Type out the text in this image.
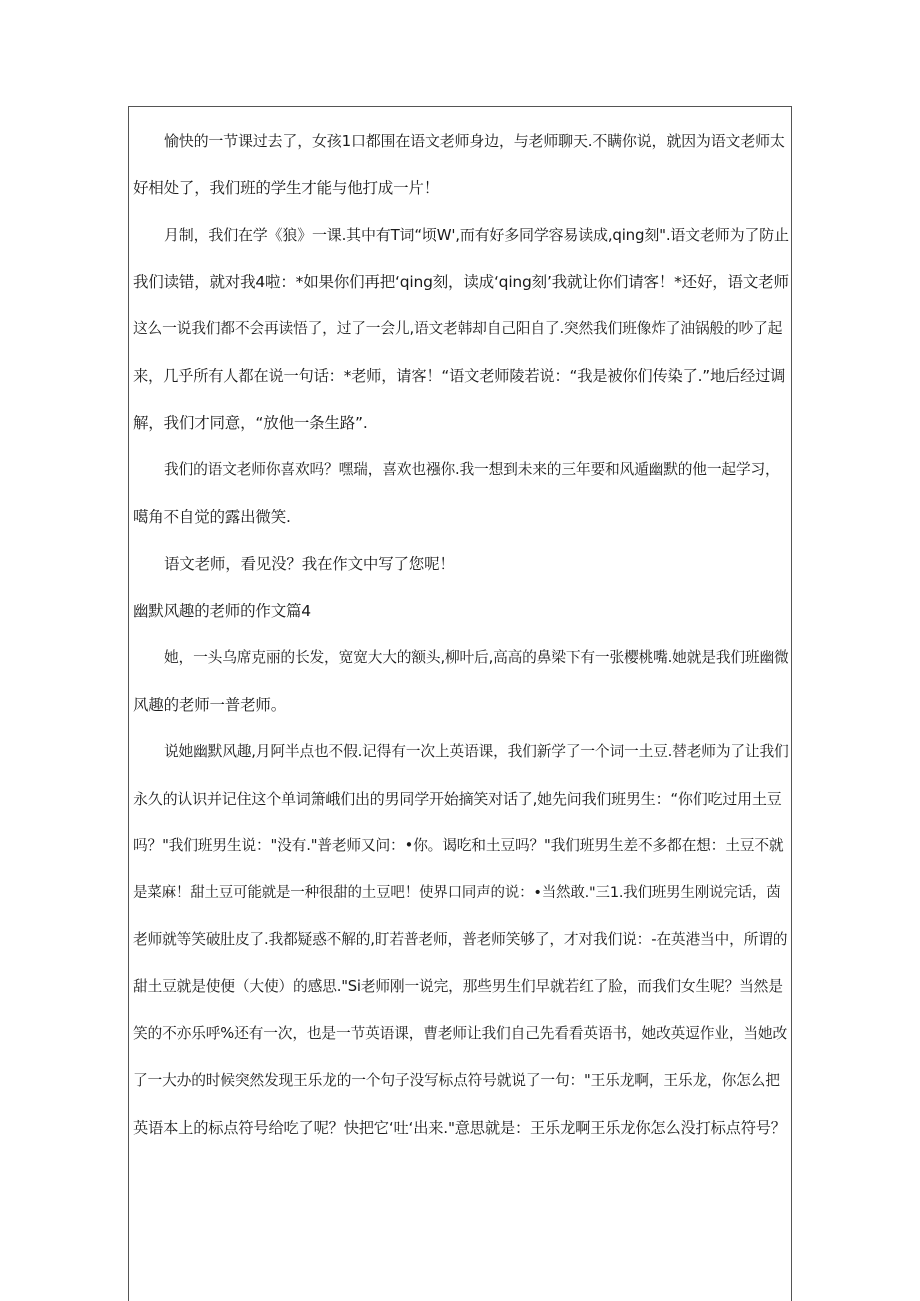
愉快的一节课过去了，女孩1口都围在语文老师身边，与老师聊天.不瞒你说，就因为语文老师太
好相处了，我们班的学生才能与他打成一片！
月制，我们在学《狼》一课.其中有T词“顷W',而有好多同学容易读成,qing刻".语文老师为了防止
我们读错，就对我4啦：*如果你们再把‘qing刻，读成‘qing刻’我就让你们请客！*还好，语文老师
这么一说我们都不会再读悟了，过了一会儿,语文老韩却自己阳自了.突然我们班像炸了油锅般的吵了起
来，几乎所有人都在说一句话：*老师，请客！“语文老师陵若说：“我是被你们传染了.”地后经过调
解，我们才同意，“放他一条生路”.
我们的语文老师你喜欢吗？嘿瑞，喜欢也襁你.我一想到未来的三年要和风遁幽默的他一起学习，
噶角不自觉的露出微笑.
语文老师，看见没？我在作文中写了您呢！
幽默风趣的老师的作文篇4
她，一头乌席克丽的长发，宽宽大大的额头,柳叶后,高高的鼻梁下有一张樱桃嘴.她就是我们班幽微
风趣的老师一普老师。
说她幽默风趣,月阿半点也不假.记得有一次上英语课，我们新学了一个词一土豆.替老师为了让我们
永久的认识并记住这个单词箫峨们出的男同学开始摘笑对话了,她先问我们班男生：“你们吃过用土豆
吗？"我们班男生说："没有."普老师又问：•你。谒吃和土豆吗？"我们班男生差不多都在想：土豆不就
是菜麻！甜土豆可能就是一种很甜的土豆吧！使界口同声的说：•当然敢."三1.我们班男生刚说完话，茵
老师就等笑破肚皮了.我都疑惑不解的,盯若普老师，普老师笑够了，才对我们说：-在英港当中，所谓的
甜土豆就是使便（大使）的感思."Si老师刚一说完，那些男生们早就若红了脸，而我们女生呢？当然是
笑的不亦乐呼%还有一次，也是一节英语课，曹老师让我们自己先看看英语书，她改英逗作业，当她改
了一大办的时候突然发现王乐龙的一个句子没写标点符号就说了一句："王乐龙啊，王乐龙，你怎么把
英语本上的标点符号给吃了呢？快把它‘吐‘出来."意思就是：王乐龙啊王乐龙你怎么没打标点符号？
